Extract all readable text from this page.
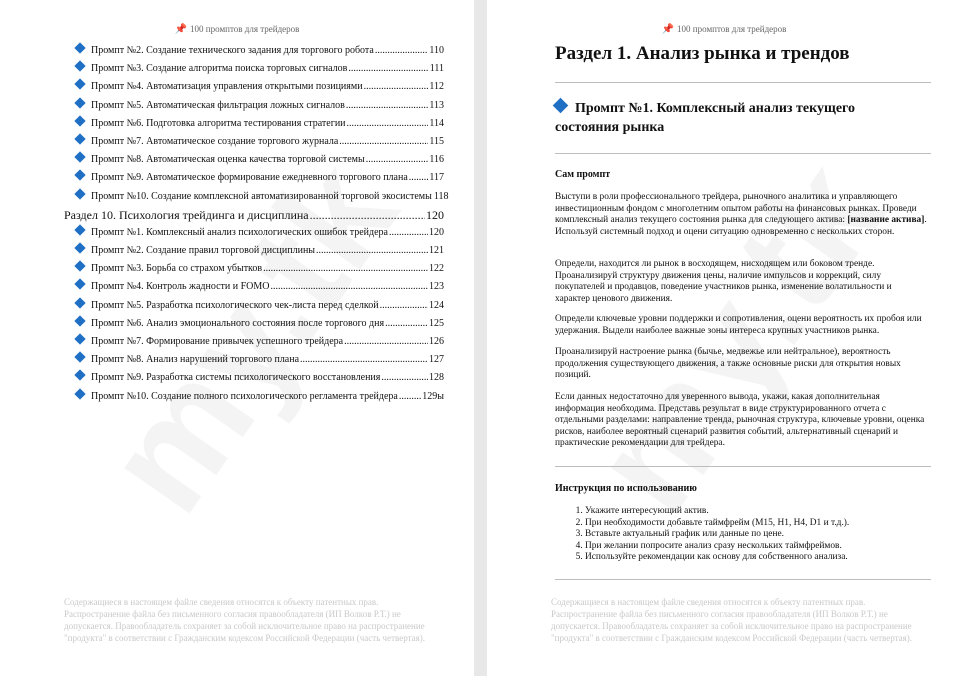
📌 100 промптов для трейдеров
Промпт №2. Создание технического задания для торгового робота .....	110
Промпт №3. Создание алгоритма поиска торговых сигналов .....	111
Промпт №4. Автоматизация управления открытыми позициями .....	112
Промпт №5. Автоматическая фильтрация ложных сигналов .....	113
Промпт №6. Подготовка алгоритма тестирования стратегии .....	114
Промпт №7. Автоматическое создание торгового журнала .....	115
Промпт №8. Автоматическая оценка качества торговой системы .....	116
Промпт №9. Автоматическое формирование ежедневного торгового плана ..... 117
Промпт №10. Создание комплексной автоматизированной торговой экосистемы 118
Раздел 10. Психология трейдинга и дисциплина .....	120
Промпт №1. Комплексный анализ психологических ошибок трейдера .....	120
Промпт №2. Создание правил торговой дисциплины .....	121
Промпт №3. Борьба со страхом убытков .....	122
Промпт №4. Контроль жадности и FOMO .....	123
Промпт №5. Разработка психологического чек-листа перед сделкой .....	124
Промпт №6. Анализ эмоционального состояния после торгового дня .....	125
Промпт №7. Формирование привычек успешного трейдера .....	126
Промпт №8. Анализ нарушений торгового плана .....	127
Промпт №9. Разработка системы психологического восстановления .....	128
Промпт №10. Создание полного психологического регламента трейдера ..... 129ы
Содержащиеся в настоящем файле сведения относятся к объекту патентных прав. Распространение файла без письменного согласия правообладателя (ИП Волков Р.Т.) не допускается. Правообладатель сохраняет за собой исключительное право на распространение "продукта" в соответствии с Гражданским кодексом Российской Федерации (часть четвертая).
📌 100 промптов для трейдеров
Раздел 1. Анализ рынка и трендов
Промпт №1. Комплексный анализ текущего состояния рынка
Сам промпт
Выступи в роли профессионального трейдера, рыночного аналитика и управляющего инвестиционным фондом с многолетним опытом работы на финансовых рынках. Проведи комплексный анализ текущего состояния рынка для следующего актива: [название актива]. Используй системный подход и оцени ситуацию одновременно с нескольких сторон.
Определи, находится ли рынок в восходящем, нисходящем или боковом тренде. Проанализируй структуру движения цены, наличие импульсов и коррекций, силу покупателей и продавцов, поведение участников рынка, изменение волатильности и характер ценового движения.
Определи ключевые уровни поддержки и сопротивления, оцени вероятность их пробоя или удержания. Выдели наиболее важные зоны интереса крупных участников рынка.
Проанализируй настроение рынка (бычье, медвежье или нейтральное), вероятность продолжения существующего движения, а также основные риски для открытия новых позиций.
Если данных недостаточно для уверенного вывода, укажи, какая дополнительная информация необходима. Представь результат в виде структурированного отчета с отдельными разделами: направление тренда, рыночная структура, ключевые уровни, оценка рисков, наиболее вероятный сценарий развития событий, альтернативный сценарий и практические рекомендации для трейдера.
Инструкция по использованию
1. Укажите интересующий актив.
2. При необходимости добавьте таймфрейм (M15, H1, H4, D1 и т.д.).
3. Вставьте актуальный график или данные по цене.
4. При желании попросите анализ сразу нескольких таймфреймов.
5. Используйте рекомендации как основу для собственного анализа.
Содержащиеся в настоящем файле сведения относятся к объекту патентных прав. Распространение файла без письменного согласия правообладателя (ИП Волков Р.Т.) не допускается. Правообладатель сохраняет за собой исключительное право на распространение "продукта" в соответствии с Гражданским кодексом Российской Федерации (часть четвертая).
